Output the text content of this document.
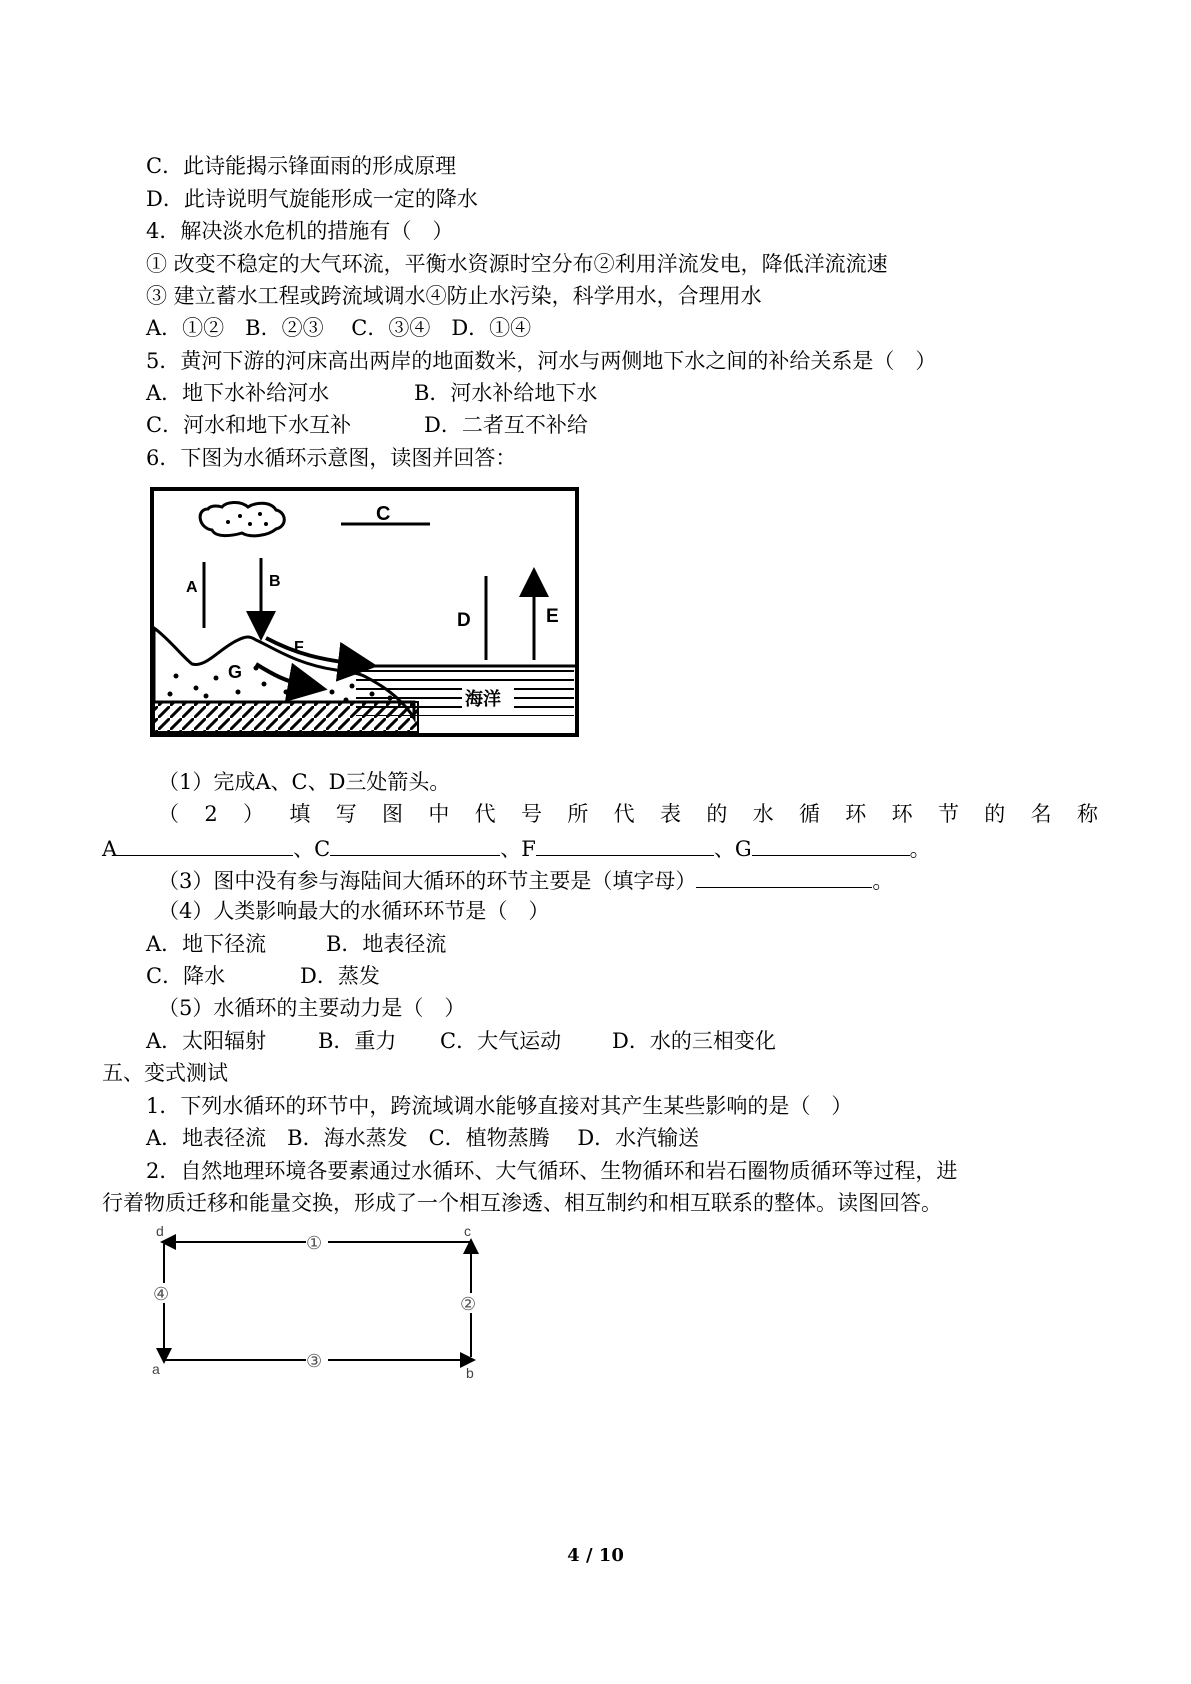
C．此诗能揭示锋面雨的形成原理
D．此诗说明气旋能形成一定的降水
4．解决淡水危机的措施有（　）
① 改变不稳定的大气环流，平衡水资源时空分布②利用洋流发电，降低洋流流速
③ 建立蓄水工程或跨流域调水④防止水污染，科学用水，合理用水
A．①②　B．②③　 C．③④　D．①④
5．黄河下游的河床高出两岸的地面数米，河水与两侧地下水之间的补给关系是（　）
A．地下水补给河水	B．河水补给地下水
C．河水和地下水互补	D．二者互不补给
6．下图为水循环示意图，读图并回答：
C
A	B
D	E
F
G
海洋
（1）完成A、C、D三处箭头。
（ 2 ） 填 写 图 中 代 号 所 代 表 的 水 循 环 环 节 的 名 称
A	、C	、F	、G	。
（3）图中没有参与海陆间大循环的环节主要是（填字母）	。
（4）人类影响最大的水循环环节是（　）
A．地下径流	B．地表径流
C．降水	D．蒸发
（5）水循环的主要动力是（　）
A．太阳辐射 B．重力 C．大气运动 D．水的三相变化
五、变式测试
1．下列水循环的环节中，跨流域调水能够直接对其产生某些影响的是（　）
A．地表径流　B．海水蒸发　C．植物蒸腾　 D．水汽输送
2．自然地理环境各要素通过水循环、大气循环、生物循环和岩石圈物质循环等过程，进
行着物质迁移和能量交换，形成了一个相互渗透、相互制约和相互联系的整体。读图回答。
d	c
a	b
①
②
③
④
4 / 10
